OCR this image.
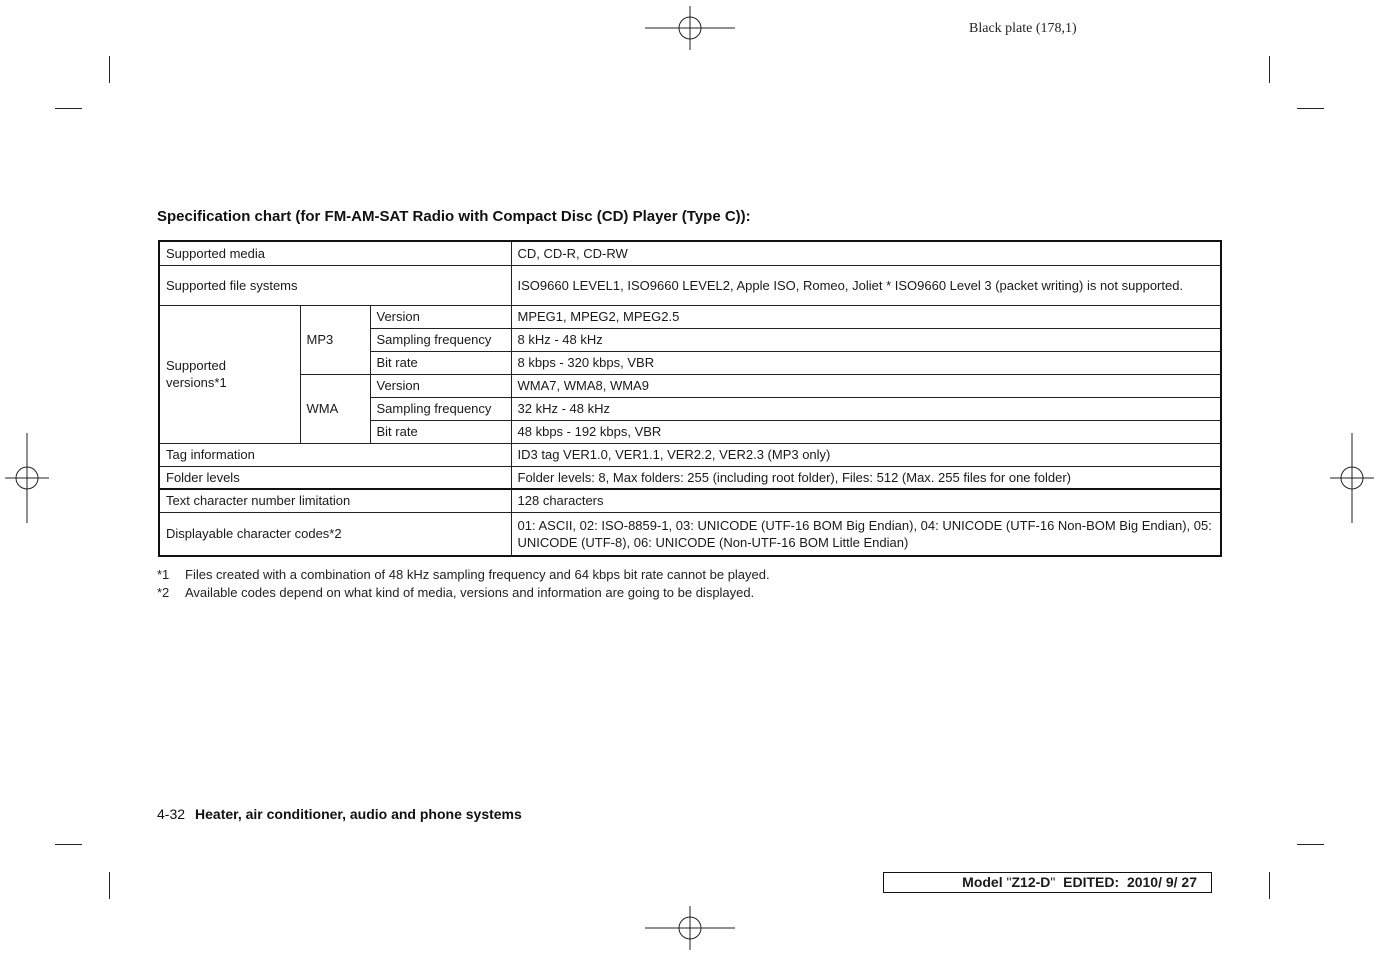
Black plate (178,1)
Specification chart (for FM-AM-SAT Radio with Compact Disc (CD) Player (Type C)):
Supported media			CD, CD-R, CD-RW
Supported file systems			ISO9660 LEVEL1, ISO9660 LEVEL2, Apple ISO, Romeo, Joliet * ISO9660 Level 3 (packet writing) is not supported.

Supported
versions*1	MP3	Version	MPEG1, MPEG2, MPEG2.5
		Sampling frequency	8 kHz - 48 kHz
		Bit rate	8 kbps - 320 kbps, VBR
	WMA	Version	WMA7, WMA8, WMA9
		Sampling frequency	32 kHz - 48 kHz
		Bit rate	48 kbps - 192 kbps, VBR
Tag information			ID3 tag VER1.0, VER1.1, VER2.2, VER2.3 (MP3 only)
Folder levels			Folder levels: 8, Max folders: 255 (including root folder), Files: 512 (Max. 255 files for one folder)
Text character number limitation			128 characters
Displayable character codes*2			01: ASCII, 02: ISO-8859-1, 03: UNICODE (UTF-16 BOM Big Endian), 04: UNICODE (UTF-16 Non-BOM Big Endian), 05: UNICODE (UTF-8), 06: UNICODE (Non-UTF-16 BOM Little Endian)
*1 Files created with a combination of 48 kHz sampling frequency and 64 kbps bit rate cannot be played.
*2 Available codes depend on what kind of media, versions and information are going to be displayed.
4-32 Heater, air conditioner, audio and phone systems
Model "Z12-D" EDITED: 2010/ 9/ 27
